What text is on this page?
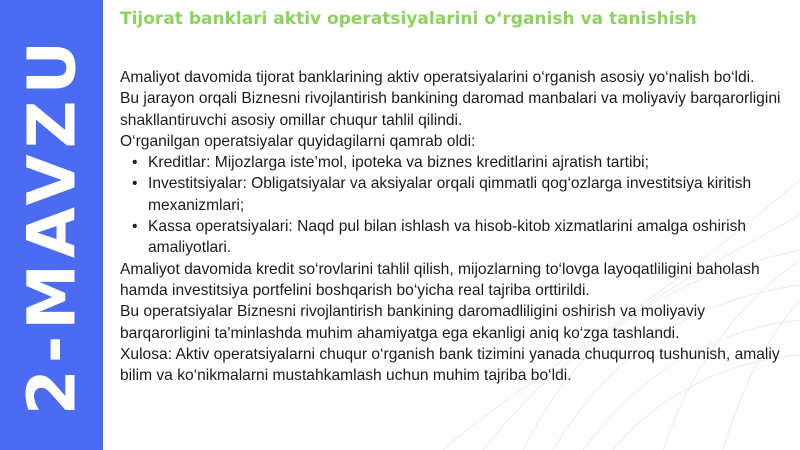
2-MAVZU
Tijorat banklari aktiv operatsiyalarini o‘rganish va tanishish

Amaliyot davomida tijorat banklarining aktiv operatsiyalarini o‘rganish asosiy yo‘nalish bo‘ldi.

Bu jarayon orqali Biznesni rivojlantirish bankining daromad manbalari va moliyaviy barqarorligini shakllantiruvchi asosiy omillar chuqur tahlil qilindi.

O‘rganilgan operatsiyalar quyidagilarni qamrab oldi:

• Kreditlar: Mijozlarga iste’mol, ipoteka va biznes kreditlarini ajratish tartibi;
• Investitsiyalar: Obligatsiyalar va aksiyalar orqali qimmatli qog‘ozlarga investitsiya kiritish mexanizmlari;
• Kassa operatsiyalari: Naqd pul bilan ishlash va hisob-kitob xizmatlarini amalga oshirish amaliyotlari.

Amaliyot davomida kredit so‘rovlarini tahlil qilish, mijozlarning to‘lovga layoqatliligini baholash hamda investitsiya portfelini boshqarish bo‘yicha real tajriba orttirildi.

Bu operatsiyalar Biznesni rivojlantirish bankining daromadliligini oshirish va moliyaviy barqarorligini ta'minlashda muhim ahamiyatga ega ekanligi aniq ko‘zga tashlandi.

Xulosa: Aktiv operatsiyalarni chuqur o‘rganish bank tizimini yanada chuqurroq tushunish, amaliy bilim va ko‘nikmalarni mustahkamlash uchun muhim tajriba bo‘ldi.
